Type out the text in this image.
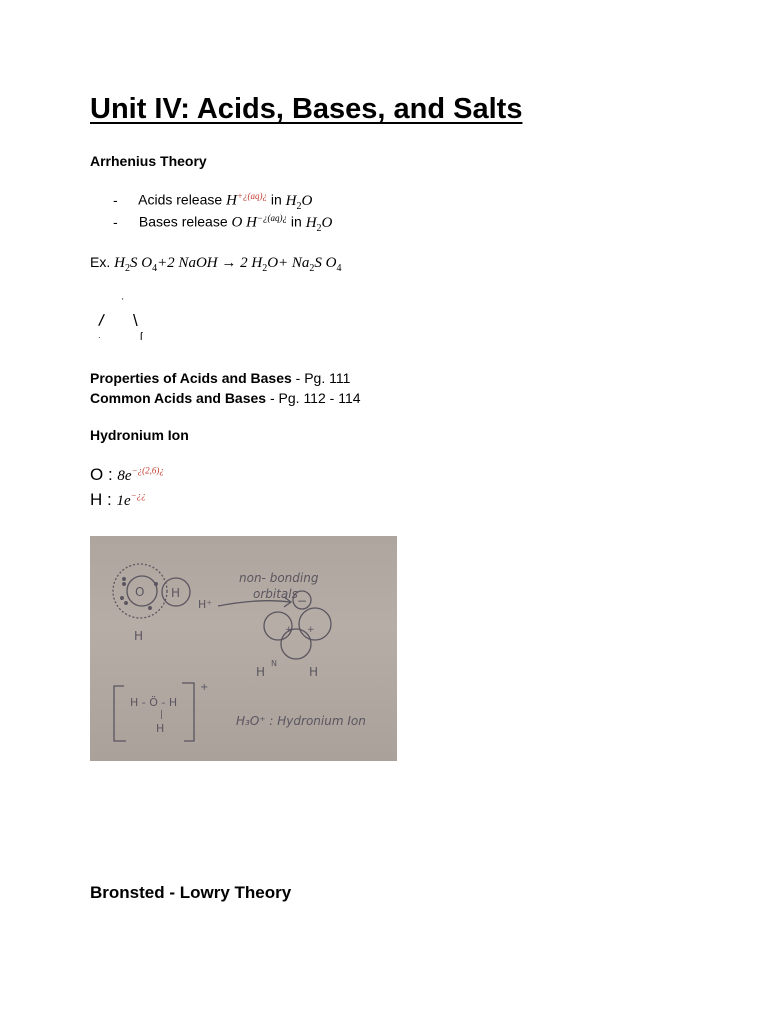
Unit IV: Acids, Bases, and Salts
Arrhenius Theory
- Acids release $H^{+¿(aq)¿}$ in $H_2O$
- Bases release O $H^{-¿(aq)¿}$ in $H_2O$
Ex. $H_2S$ $O_4+2$ NaOH → 2 $H_2O+ Na_2S$ $O_4$
'
/ \
·	ſ
Properties of Acids and Bases - Pg. 111
Common Acids and Bases - Pg. 112 - 114
Hydronium Ion
O : $8e^{-¿(2,6)¿}$
H : 1e−¿¿
O H
H
H⁺
non- bonding
orbitals −
+ +
H
N
H
H - Ö - H
|
H
+
H₃O⁺ : Hydronium Ion
Bronsted - Lowry Theory
